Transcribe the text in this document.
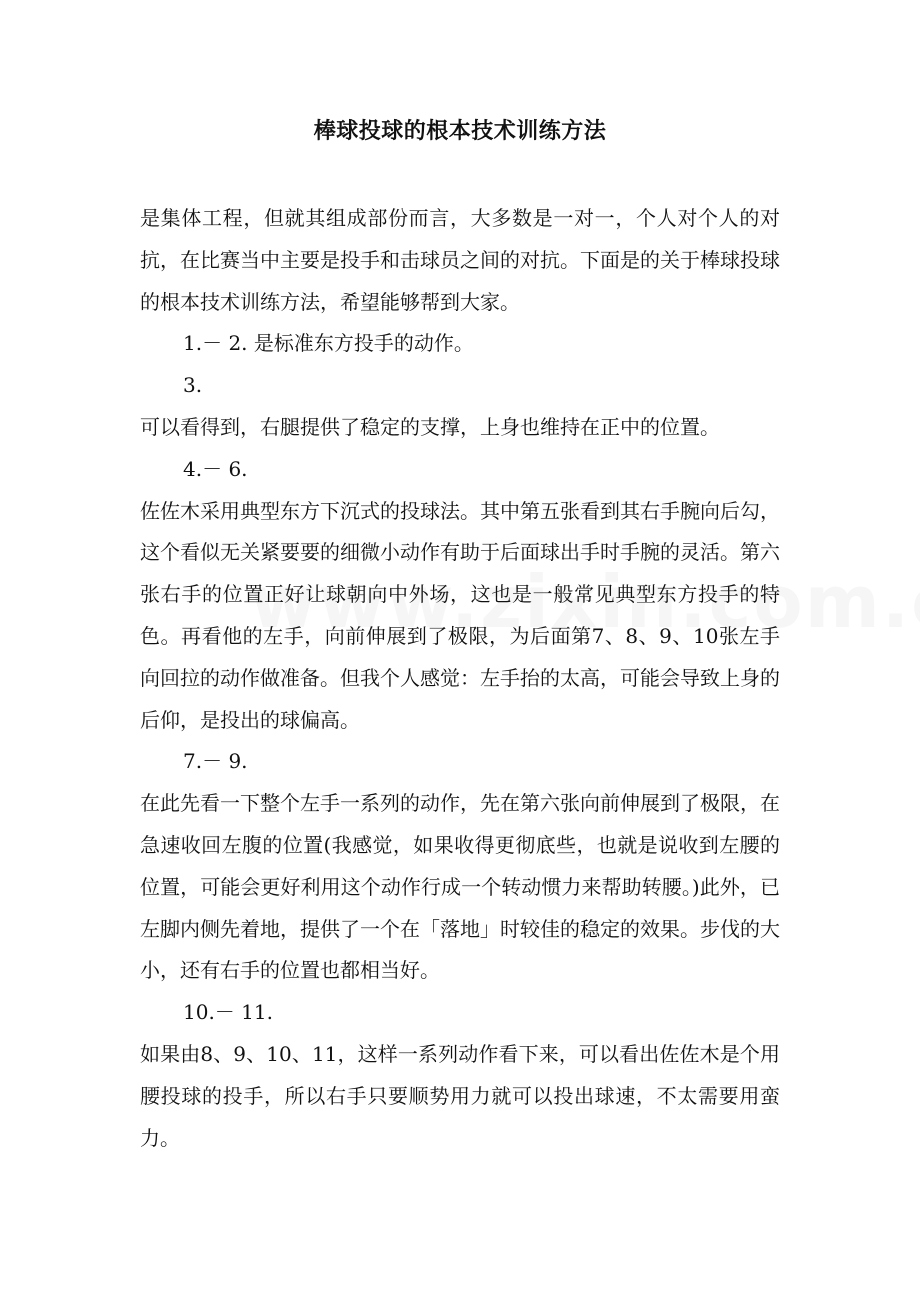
棒球投球的根本技术训练方法

是集体工程，但就其组成部份而言，大多数是一对一，个人对个人的对抗，在比赛当中主要是投手和击球员之间的对抗。下面是的关于棒球投球的根本技术训练方法，希望能够帮到大家。

1.－ 2. 是标准东方投手的动作。

3.

可以看得到，右腿提供了稳定的支撑，上身也维持在正中的位置。

4.－ 6.

佐佐木采用典型东方下沉式的投球法。其中第五张看到其右手腕向后勾，这个看似无关紧要要的细微小动作有助于后面球出手时手腕的灵活。第六张右手的位置正好让球朝向中外场，这也是一般常见典型东方投手的特色。再看他的左手，向前伸展到了极限，为后面第7、8、9、10张左手向回拉的动作做准备。但我个人感觉：左手抬的太高，可能会导致上身的后仰，是投出的球偏高。

7.－ 9.

在此先看一下整个左手一系列的动作，先在第六张向前伸展到了极限，在急速收回左腹的位置(我感觉，如果收得更彻底些，也就是说收到左腰的位置，可能会更好利用这个动作行成一个转动惯力来帮助转腰。)此外，已左脚内侧先着地，提供了一个在「落地」时较佳的稳定的效果。步伐的大小，还有右手的位置也都相当好。

10.－ 11.

如果由8、9、10、11，这样一系列动作看下来，可以看出佐佐木是个用腰投球的投手，所以右手只要顺势用力就可以投出球速，不太需要用蛮力。
